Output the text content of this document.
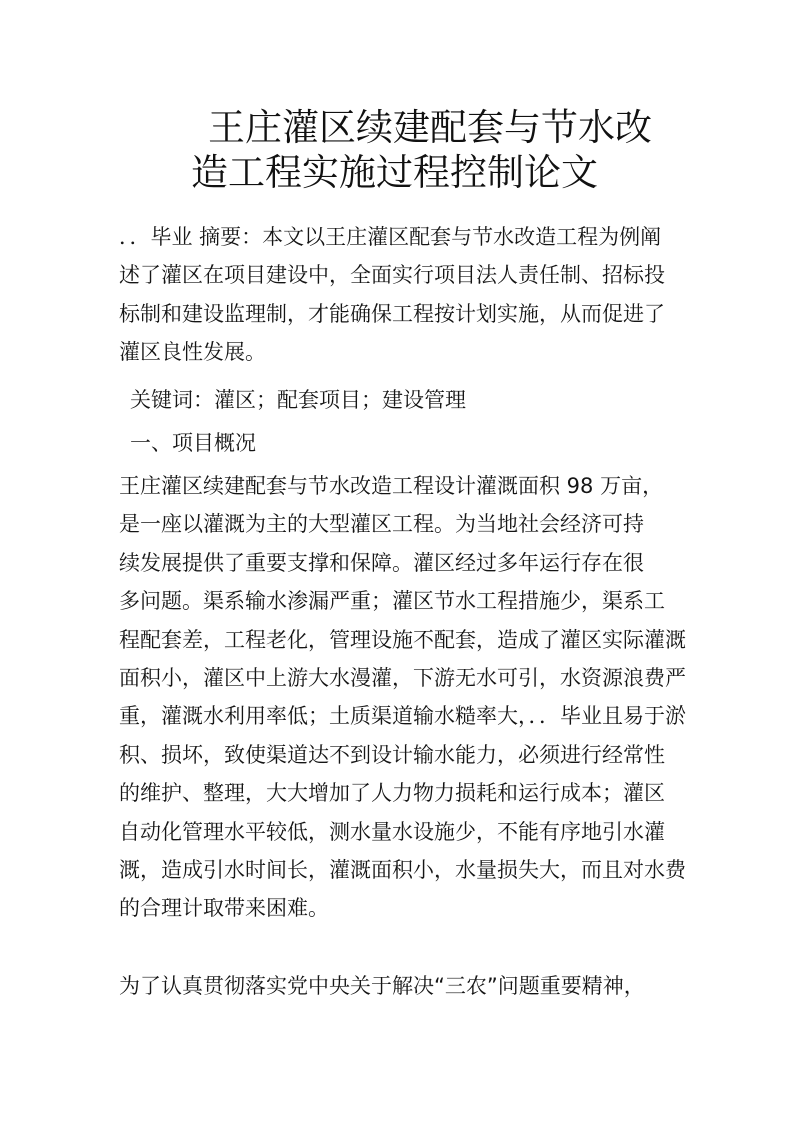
王庄灌区续建配套与节水改
造工程实施过程控制论文
．．毕业 摘要：本文以王庄灌区配套与节水改造工程为例阐
述了灌区在项目建设中，全面实行项目法人责任制、招标投
标制和建设监理制，才能确保工程按计划实施，从而促进了
灌区良性发展。
关键词：灌区；配套项目；建设管理
一、项目概况
王庄灌区续建配套与节水改造工程设计灌溉面积 98 万亩，
是一座以灌溉为主的大型灌区工程。为当地社会经济可持
续发展提供了重要支撑和保障。灌区经过多年运行存在很
多问题。渠系输水渗漏严重；灌区节水工程措施少，渠系工
程配套差，工程老化，管理设施不配套，造成了灌区实际灌溉
面积小，灌区中上游大水漫灌，下游无水可引，水资源浪费严
重，灌溉水利用率低；土质渠道输水糙率大，．．毕业且易于淤
积、损坏，致使渠道达不到设计输水能力，必须进行经常性
的维护、整理，大大增加了人力物力损耗和运行成本；灌区
自动化管理水平较低，测水量水设施少，不能有序地引水灌
溉，造成引水时间长，灌溉面积小，水量损失大，而且对水费
的合理计取带来困难。
为了认真贯彻落实党中央关于解决“三农”问题重要精神，
